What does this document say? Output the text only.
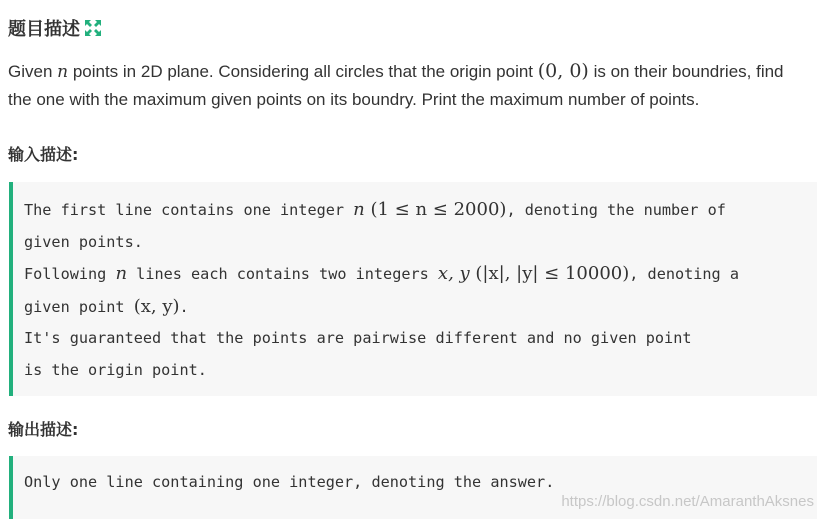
题目描述
Given n points in 2D plane. Considering all circles that the origin point (0, 0) is on their boundries, find
the one with the maximum given points on its boundry. Print the maximum number of points.
输入描述:
The first line contains one integer n (1 ≤ n ≤ 2000), denoting the number of
given points.
Following n lines each contains two integers x, y (|x|, |y| ≤ 10000), denoting a
given point (x, y).
It's guaranteed that the points are pairwise different and no given point
is the origin point.
输出描述:
Only one line containing one integer, denoting the answer.
https://blog.csdn.net/AmaranthAksnes
